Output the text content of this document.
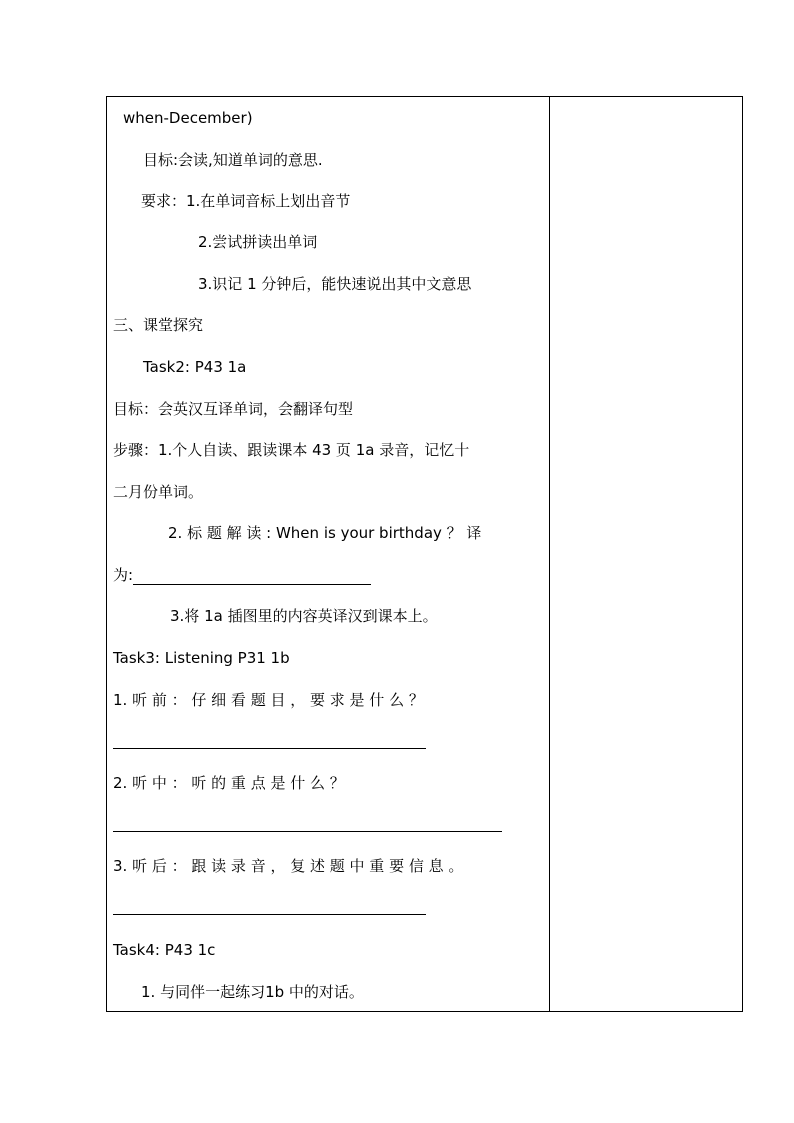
when-December)
目标:会读,知道单词的意思.
要求：1.在单词音标上划出音节
2.尝试拼读出单词
3.识记 1 分钟后，能快速说出其中文意思
三、课堂探究
Task2: P43 1a
目标：会英汉互译单词，会翻译句型
步骤：1.个人自读、跟读课本 43 页 1a 录音，记忆十
二月份单词。
2. 标 题 解 读 : When is your birthday ？ 译
为:
3.将 1a 插图里的内容英译汉到课本上。
Task3: Listening P31 1b
1. 听 前 ： 仔 细 看 题 目 ， 要 求 是 什 么 ？
2. 听 中 ： 听 的 重 点 是 什 么 ？
3. 听 后 ： 跟 读 录 音 ， 复 述 题 中 重 要 信 息 。
Task4: P43 1c
1. 与同伴一起练习1b 中的对话。
